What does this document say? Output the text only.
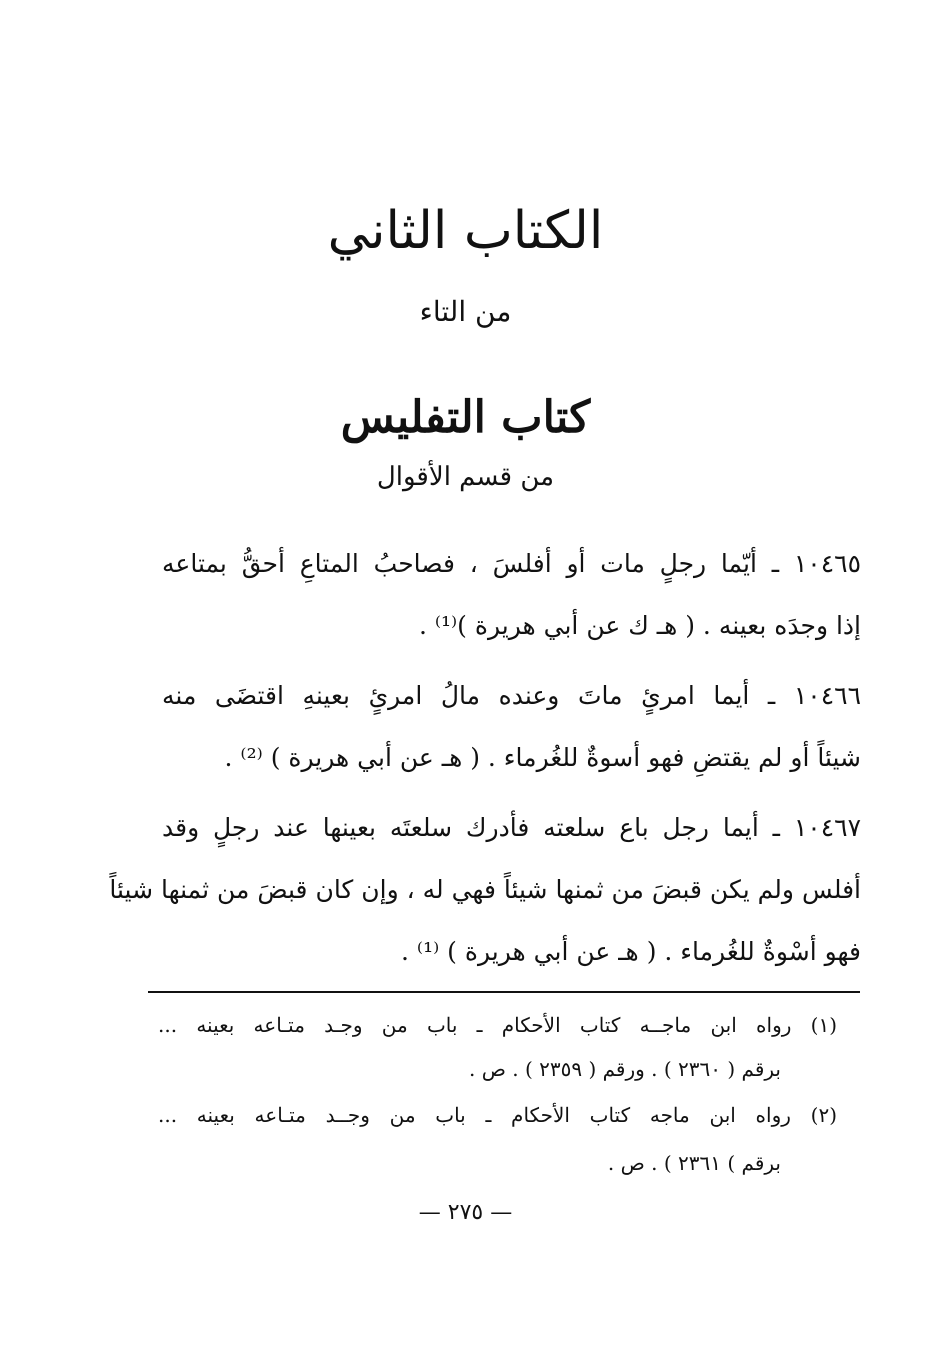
الكتاب الثاني
من التاء
كتاب التفليس
من قسم الأقوال
١٠٤٦٥ ـ أيّما رجلٍ مات أو أفلسَ ، فصاحبُ المتاعِ أحقُّ بمتاعه
إذا وجدَه بعينه . ( هـ ك عن أبي هريرة )⁽¹⁾ .
١٠٤٦٦ ـ أيما امرئٍ ماتَ وعنده مالُ امرئٍ بعينهِ اقتضَى منه
شيئاً أو لم يقتضِ فهو أسوةٌ للغُرماء . ( هـ عن أبي هريرة ) ⁽²⁾ .
١٠٤٦٧ ـ أيما رجل باع سلعته فأدرك سلعتَه بعينها عند رجلٍ وقد
أفلس ولم يكن قبضَ من ثمنها شيئاً فهي له ، وإن كان قبضَ من ثمنها شيئاً
فهو أسْوةٌ للغُرماء . ( هـ عن أبي هريرة ) ⁽¹⁾ .
(١) رواه ابن ماجــه كتاب الأحكام ـ باب من وجـد متـاعه بعينه ...
برقم ( ٢٣٦٠ ) . ورقم ( ٢٣٥٩ ) . ص .
(٢) رواه ابن ماجه كتاب الأحكام ـ باب من وجــد متـاعه بعينه ...
برقم ) ٢٣٦١ ) . ص .
— ٢٧٥ —
